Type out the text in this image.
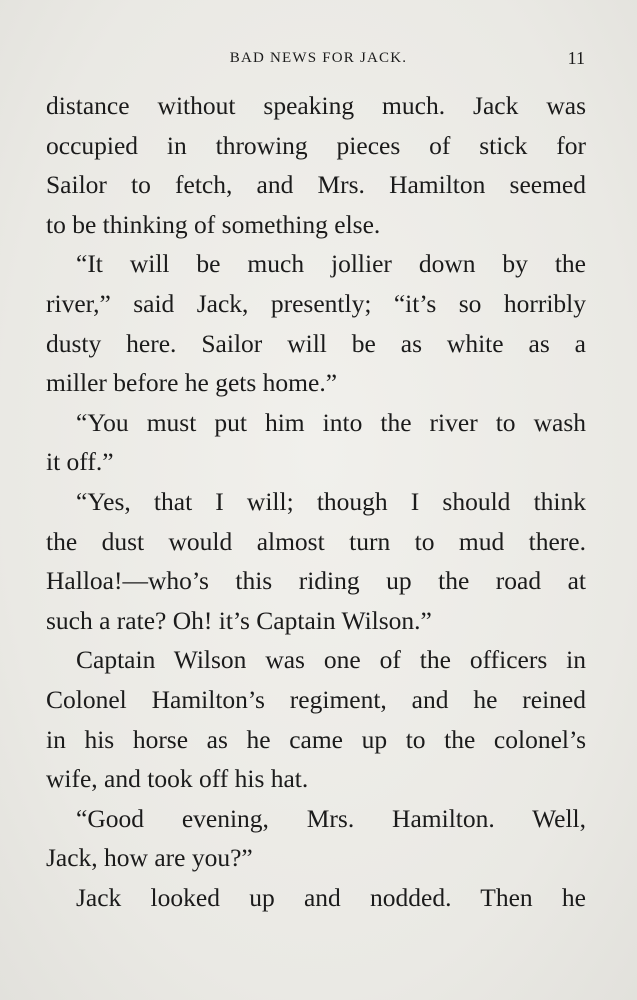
BAD NEWS FOR JACK.	11
distance without speaking much. Jack was
occupied in throwing pieces of stick for
Sailor to fetch, and Mrs. Hamilton seemed
to be thinking of something else.
“It will be much jollier down by the
river,” said Jack, presently; “it’s so horribly
dusty here. Sailor will be as white as a
miller before he gets home.”
“You must put him into the river to wash
it off.”
“Yes, that I will; though I should think
the dust would almost turn to mud there.
Halloa!—who’s this riding up the road at
such a rate? Oh! it’s Captain Wilson.”
Captain Wilson was one of the officers in
Colonel Hamilton’s regiment, and he reined
in his horse as he came up to the colonel’s
wife, and took off his hat.
“Good evening, Mrs. Hamilton. Well,
Jack, how are you?”
Jack looked up and nodded. Then he
